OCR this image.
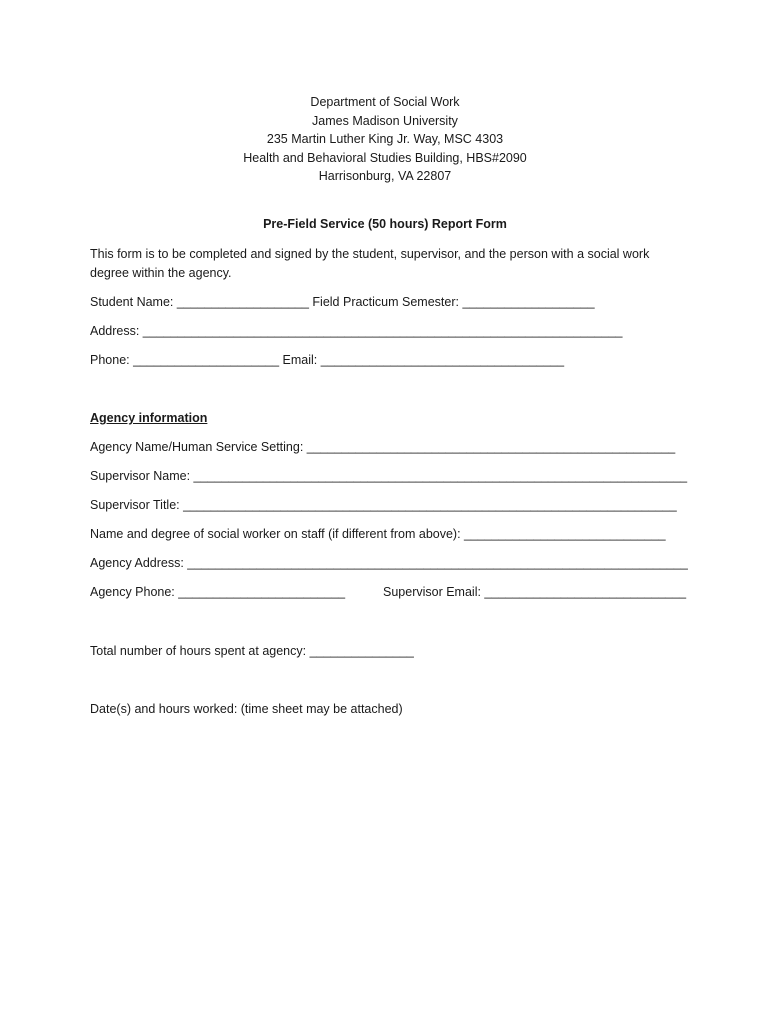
Department of Social Work
James Madison University
235 Martin Luther King Jr. Way, MSC 4303
Health and Behavioral Studies Building, HBS#2090
Harrisonburg, VA 22807
Pre-Field Service (50 hours) Report Form
This form is to be completed and signed by the student, supervisor, and the person with a social work degree within the agency.
Student Name: ___________________ Field Practicum Semester: ___________________
Address: _____________________________________________________________________
Phone: _____________________ Email: ___________________________________
Agency information
Agency Name/Human Service Setting: _____________________________________________________
Supervisor Name: _______________________________________________________________________
Supervisor Title: _______________________________________________________________________
Name and degree of social worker on staff (if different from above): _____________________________
Agency Address: ________________________________________________________________________
Agency Phone: ________________________	Supervisor Email: _____________________________
Total number of hours spent at agency: _______________
Date(s) and hours worked: (time sheet may be attached)
